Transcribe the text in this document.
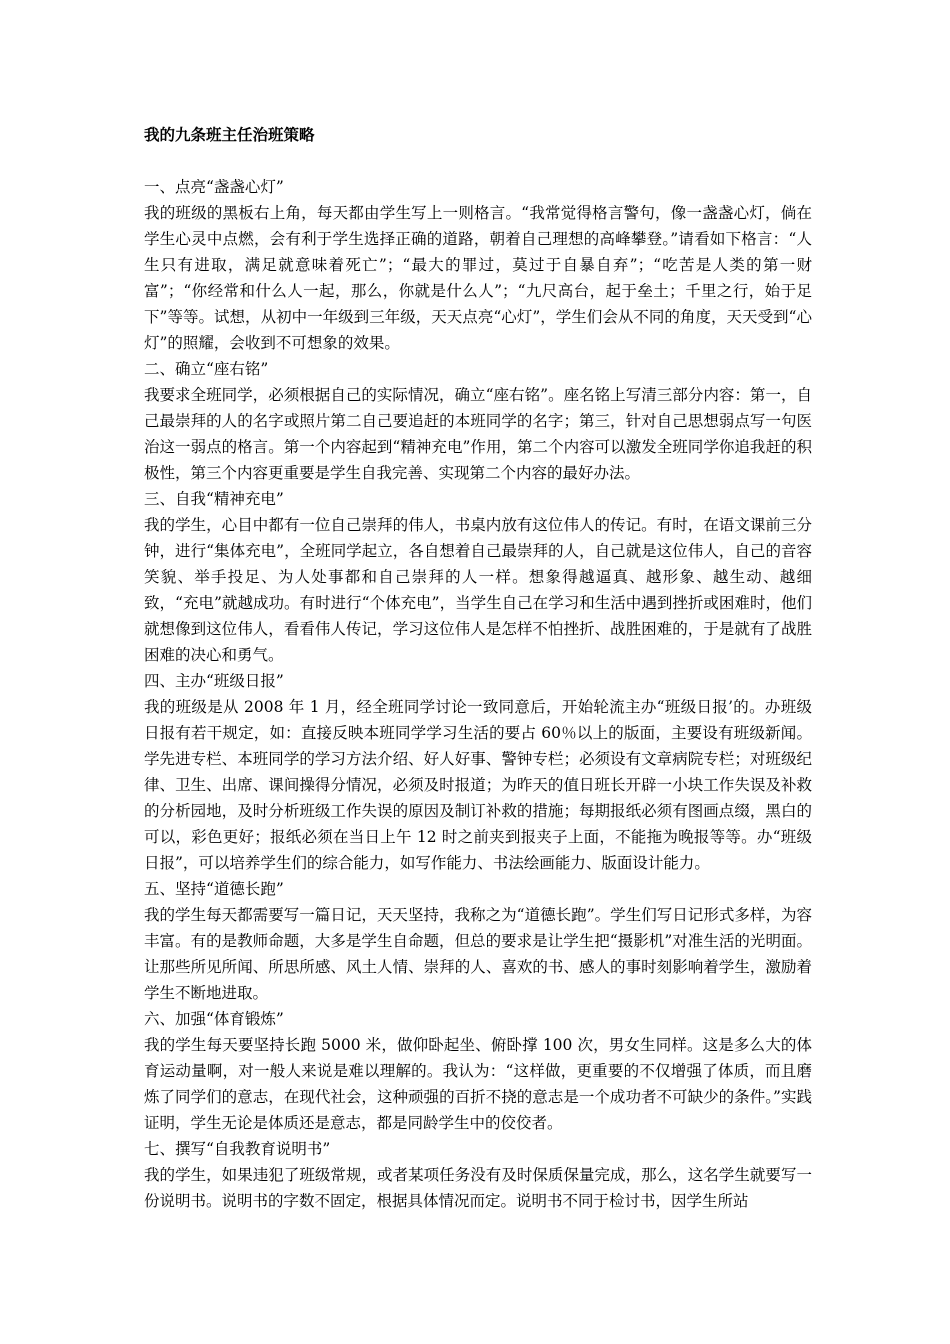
我的九条班主任治班策略

一、点亮“盏盏心灯”

我的班级的黑板右上角，每天都由学生写上一则格言。“我常觉得格言警句，像一盏盏心灯，倘在学生心灵中点燃，会有利于学生选择正确的道路，朝着自己理想的高峰攀登。”请看如下格言：“人生只有进取，满足就意味着死亡”；“最大的罪过，莫过于自暴自弃”；“吃苦是人类的第一财富”；“你经常和什么人一起，那么，你就是什么人”；“九尺高台，起于垒土；千里之行，始于足下”等等。试想，从初中一年级到三年级，天天点亮“心灯”，学生们会从不同的角度，天天受到“心灯”的照耀，会收到不可想象的效果。

二、确立“座右铭”

我要求全班同学，必须根据自己的实际情况，确立“座右铭”。座名铭上写清三部分内容：第一，自己最崇拜的人的名字或照片第二自己要追赶的本班同学的名字；第三，针对自己思想弱点写一句医治这一弱点的格言。第一个内容起到“精神充电”作用，第二个内容可以激发全班同学你追我赶的积极性，第三个内容更重要是学生自我完善、实现第二个内容的最好办法。

三、自我“精神充电”

我的学生，心目中都有一位自己崇拜的伟人，书桌内放有这位伟人的传记。有时，在语文课前三分钟，进行“集体充电”，全班同学起立，各自想着自己最崇拜的人，自己就是这位伟人，自己的音容笑貌、举手投足、为人处事都和自己崇拜的人一样。想象得越逼真、越形象、越生动、越细致，“充电”就越成功。有时进行“个体充电”，当学生自己在学习和生活中遇到挫折或困难时，他们就想像到这位伟人，看看伟人传记，学习这位伟人是怎样不怕挫折、战胜困难的，于是就有了战胜困难的决心和勇气。

四、主办“班级日报”

我的班级是从 2008 年 1 月，经全班同学讨论一致同意后，开始轮流主办“班级日报’的。办班级日报有若干规定，如：直接反映本班同学学习生活的要占 60％以上的版面，主要设有班级新闻。学先进专栏、本班同学的学习方法介绍、好人好事、警钟专栏；必须设有文章病院专栏；对班级纪律、卫生、出席、课间操得分情况，必须及时报道；为昨天的值日班长开辟一小块工作失误及补救的分析园地，及时分析班级工作失误的原因及制订补救的措施；每期报纸必须有图画点缀，黑白的可以，彩色更好；报纸必须在当日上午 12 时之前夹到报夹子上面，不能拖为晚报等等。办“班级日报”，可以培养学生们的综合能力，如写作能力、书法绘画能力、版面设计能力。

五、坚持“道德长跑”

我的学生每天都需要写一篇日记，天天坚持，我称之为“道德长跑”。学生们写日记形式多样，为容丰富。有的是教师命题，大多是学生自命题，但总的要求是让学生把“摄影机”对准生活的光明面。让那些所见所闻、所思所感、风土人情、崇拜的人、喜欢的书、感人的事时刻影响着学生，激励着学生不断地进取。

六、加强“体育锻炼”

我的学生每天要坚持长跑 5000 米，做仰卧起坐、俯卧撑 100 次，男女生同样。这是多么大的体育运动量啊，对一般人来说是难以理解的。我认为：“这样做，更重要的不仅增强了体质，而且磨炼了同学们的意志，在现代社会，这种顽强的百折不挠的意志是一个成功者不可缺少的条件。”实践证明，学生无论是体质还是意志，都是同龄学生中的佼佼者。

七、撰写“自我教育说明书”

我的学生，如果违犯了班级常规，或者某项任务没有及时保质保量完成，那么，这名学生就要写一份说明书。说明书的字数不固定，根据具体情况而定。说明书不同于检讨书，因学生所站
